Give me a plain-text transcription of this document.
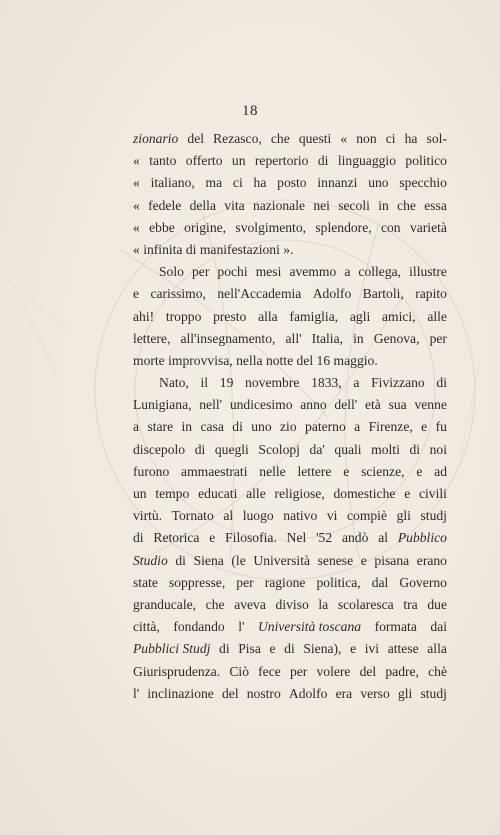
18
zionario del Rezasco, che questi « non ci ha sol-
« tanto offerto un repertorio di linguaggio politico
« italiano, ma ci ha posto innanzi uno specchio
« fedele della vita nazionale nei secoli in che essa
« ebbe origine, svolgimento, splendore, con varietà
«
infinita
di
manifestazioni
».
Solo per pochi mesi avemmo a collega, illustre
e carissimo, nell'Accademia Adolfo Bartoli, rapito
ahi! troppo presto alla famiglia, agli amici, alle
lettere, all'insegnamento, all' Italia, in Genova, per
morte
improvvisa,
nella
notte
del
16
maggio.
Nato, il 19 novembre 1833, a Fivizzano di
Lunigiana, nell' undicesimo anno dell' età sua venne
a stare in casa di uno zio paterno a Firenze, e fu
discepolo di quegli Scolopj da' quali molti di noi
furono ammaestrati nelle lettere e scienze, e ad
un tempo educati alle religiose, domestiche e civili
virtù. Tornato al luogo nativo vi compiè gli studj
di Retorica e Filosofia. Nel '52 andò al Pubblico
Studio di Siena (le Università senese e pisana erano
state soppresse, per ragione politica, dal Governo
granducale, che aveva diviso la scolaresca tra due
città, fondando l' Università toscana formata dai
Pubblici Studj di Pisa e di Siena), e ivi attese alla
Giurisprudenza. Ciò fece per volere del padre, chè
l' inclinazione del nostro Adolfo era verso gli studj
